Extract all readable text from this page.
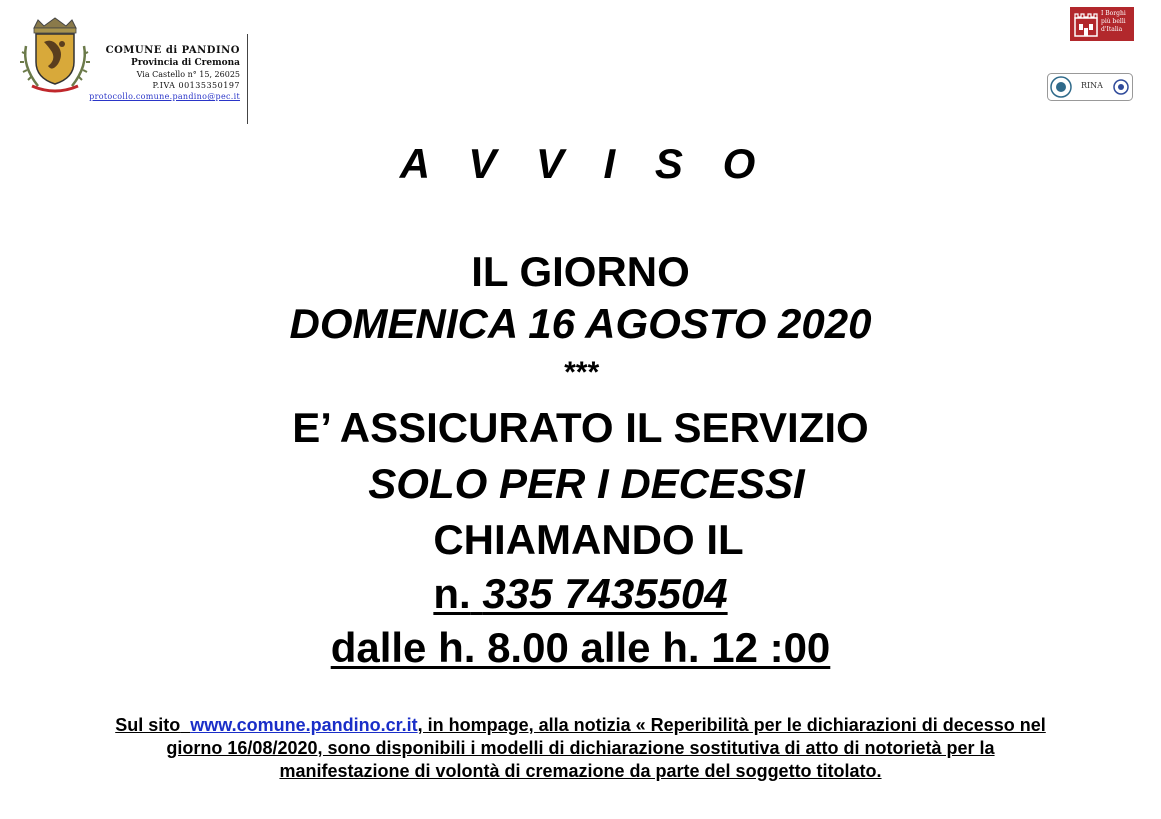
COMUNE di PANDINO
Provincia di Cremona
Via Castello n° 15, 26025
P.IVA 00135350197
protocollo.comune.pandino@pec.it
I Borghi più belli d'Italia
RINA
A V V I S O
IL GIORNO
DOMENICA 16 AGOSTO 2020
***
E’ ASSICURATO IL SERVIZIO
SOLO PER I DECESSI
CHIAMANDO IL
n. 335 7435504
dalle h. 8.00 alle h. 12 :00
Sul sito www.comune.pandino.cr.it, in hompage, alla notizia « Reperibilità per le dichiarazioni di decesso nel
giorno 16/08/2020, sono disponibili i modelli di dichiarazione sostitutiva di atto di notorietà per la
manifestazione di volontà di cremazione da parte del soggetto titolato.
